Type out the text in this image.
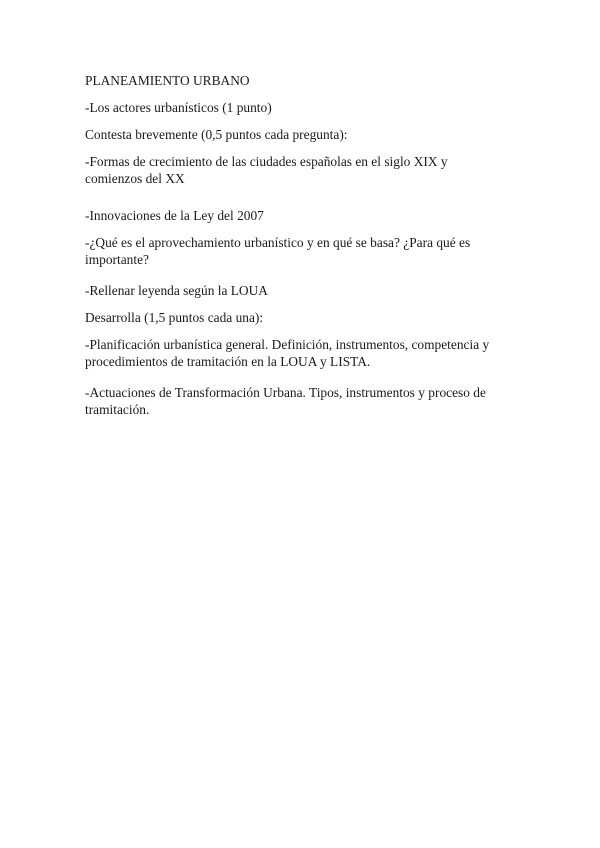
PLANEAMIENTO URBANO
-Los actores urbanísticos (1 punto)
Contesta brevemente (0,5 puntos cada pregunta):
-Formas de crecimiento de las ciudades españolas en el siglo XIX y
comienzos del XX
-Innovaciones de la Ley del 2007
-¿Qué es el aprovechamiento urbanístico y en qué se basa? ¿Para qué es
importante?
-Rellenar leyenda según la LOUA
Desarrolla (1,5 puntos cada una):
-Planificación urbanística general. Definición, instrumentos, competencia y
procedimientos de tramitación en la LOUA y LISTA.
-Actuaciones de Transformación Urbana. Tipos, instrumentos y proceso de
tramitación.
